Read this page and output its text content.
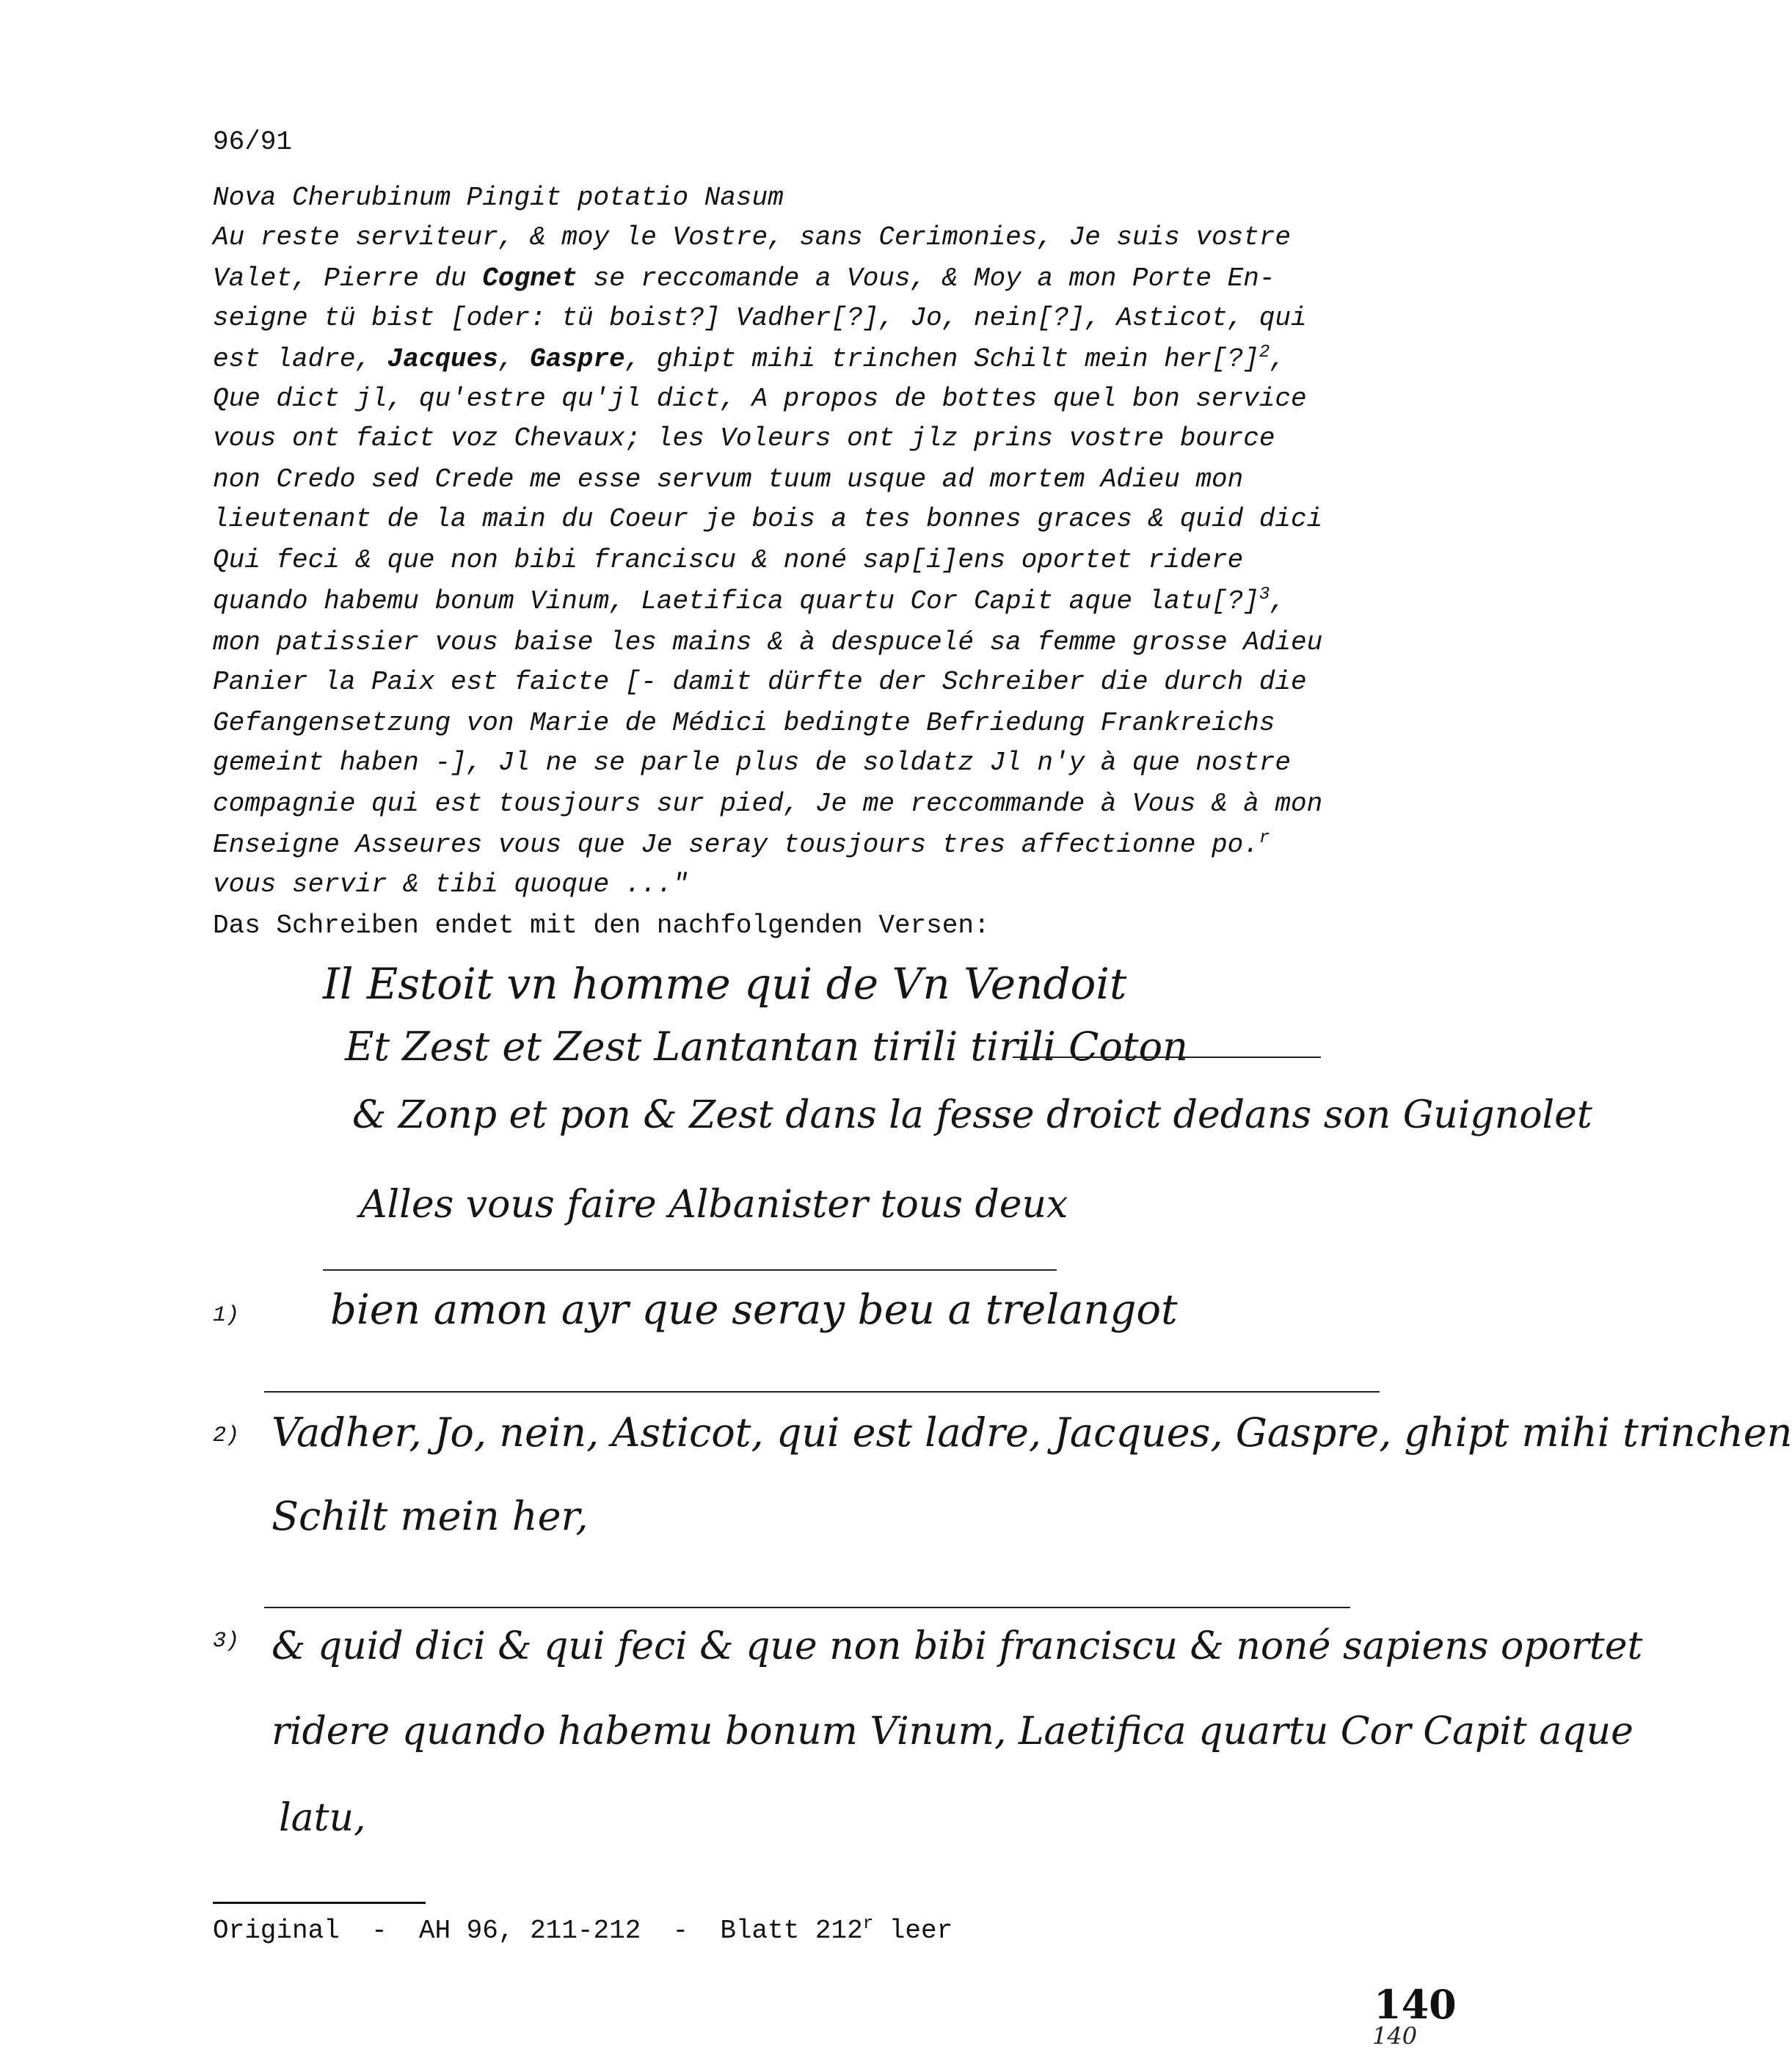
96/91
Nova Cherubinum Pingit potatio Nasum
Au reste serviteur, & moy le Vostre, sans Cerimonies, Je suis vostre
Valet, Pierre du Cognet se reccomande a Vous, & Moy a mon Porte En-
seigne tü bist [oder: tü boist?] Vadher[?], Jo, nein[?], Asticot, qui
est ladre, Jacques, Gaspre, ghipt mihi trinchen Schilt mein her[?]$^2$,
Que dict jl, qu'estre qu'jl dict, A propos de bottes quel bon service
vous ont faict voz Chevaux; les Voleurs ont jlz prins vostre bource
non Credo sed Crede me esse servum tuum usque ad mortem Adieu mon
lieutenant de la main du Coeur je bois a tes bonnes graces & quid dici
Qui feci & que non bibi franciscu & noné sap[i]ens oportet ridere
quando habemu bonum Vinum, Laetifica quartu Cor Capit aque latu[?]$^3$,
mon patissier vous baise les mains & à despucelé sa femme grosse Adieu
Panier la Paix est faicte [- damit dürfte der Schreiber die durch die
Gefangensetzung von Marie de Médici bedingte Befriedung Frankreichs
gemeint haben -], Jl ne se parle plus de soldatz Jl n'y à que nostre
compagnie qui est tousjours sur pied, Je me reccommande à Vous & à mon
Enseigne Asseures vous que Je seray tousjours tres affectionne po.$^r$
vous servir & tibi quoque ..."
Das Schreiben endet mit den nachfolgenden Versen:
Il Estoit vn homme qui de Vn Vendoit
Et Zest et Zest Lantantan tirili tirili Coton
& Zonp et pon & Zest dans la fesse droict dedans son Guignolet
Alles vous faire Albanister tous deux
1) bien amon ayr que seray beu a trelangot
2) Vadher, Jo, nein, Asticot, qui est ladre, Jacques, Gaspre, ghipt mihi trinchen
Schilt mein her,
3) & quid dici & qui feci & que non bibi franciscu & noné sapiens oportet
ridere quando habemu bonum Vinum, Laetifica quartu Cor Capit aque
latu,
Original  -  AH 96, 211-212  -  Blatt 212$^r$ leer
140
140
